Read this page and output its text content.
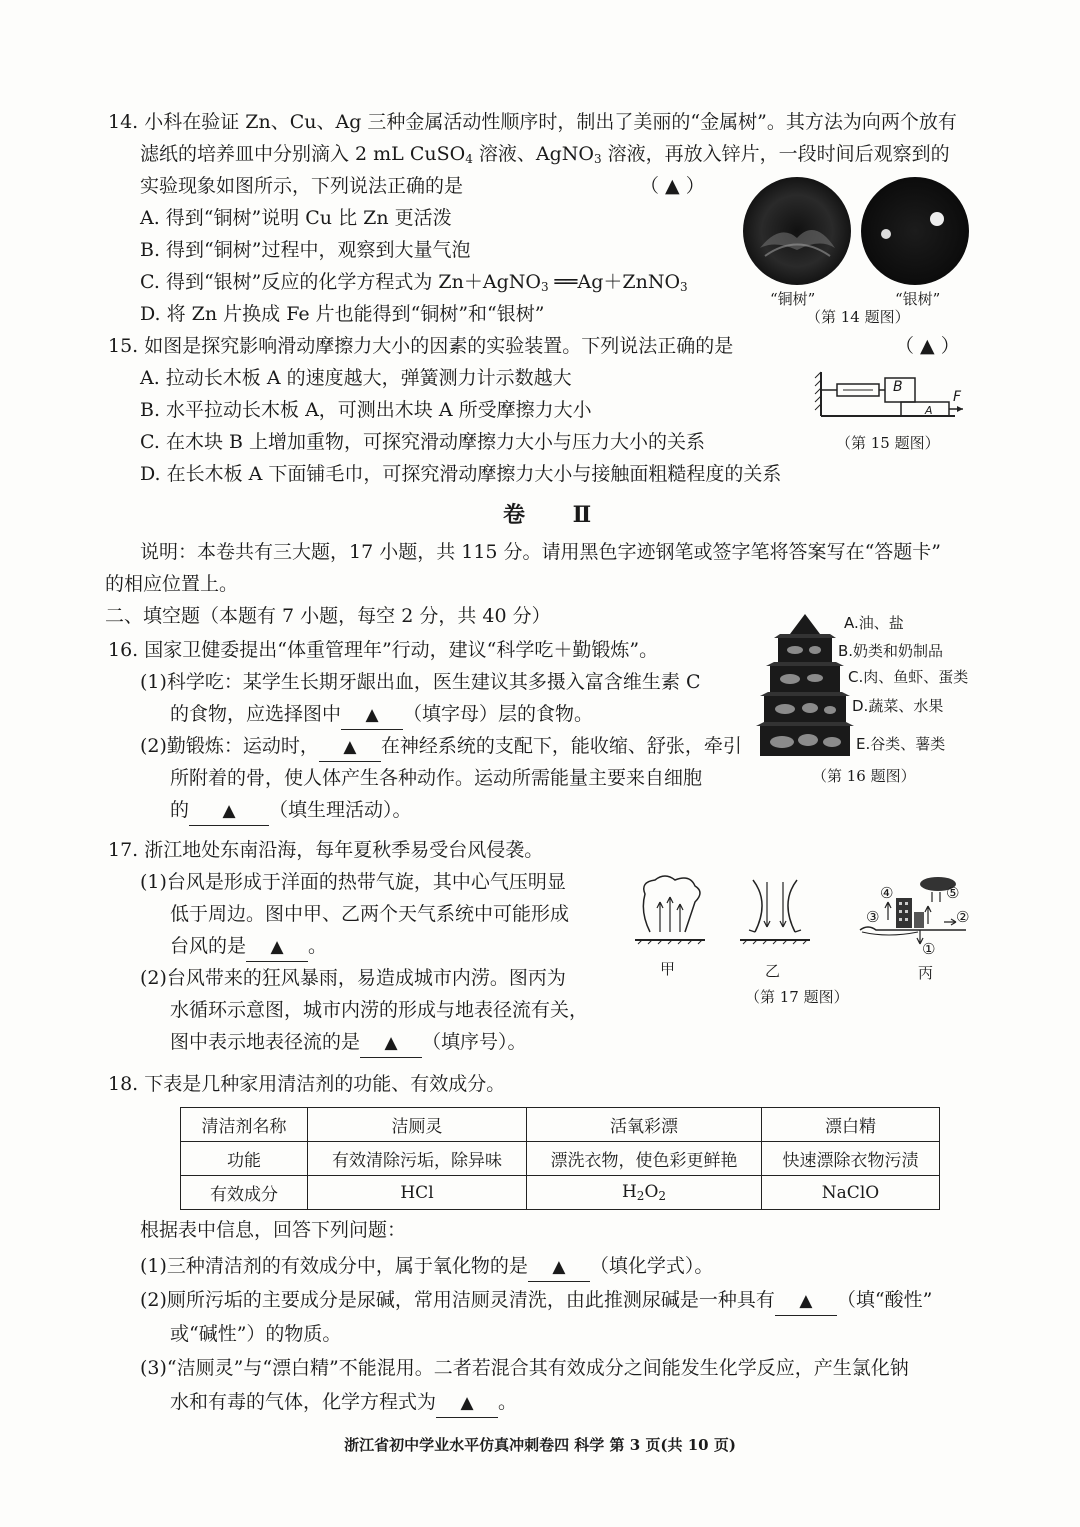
14. 小科在验证 Zn、Cu、Ag 三种金属活动性顺序时，制出了美丽的“金属树”。其方法为向两个放有
滤纸的培养皿中分别滴入 2 mL CuSO$_4$ 溶液、AgNO$_3$ 溶液，再放入锌片，一段时间后观察到的
实验现象如图所示，下列说法正确的是	（ ▲ ）
A. 得到“铜树”说明 Cu 比 Zn 更活泼
B. 得到“铜树”过程中，观察到大量气泡
C. 得到“银树”反应的化学方程式为 Zn＋AgNO$_3$ ══Ag＋ZnNO$_3$
D. 将 Zn 片换成 Fe 片也能得到“铜树”和“银树”
“铜树”	“银树”
（第 14 题图）
15. 如图是探究影响滑动摩擦力大小的因素的实验装置。下列说法正确的是	（ ▲ ）
A. 拉动长木板 A 的速度越大，弹簧测力计示数越大
B. 水平拉动长木板 A，可测出木块 A 所受摩擦力大小
C. 在木块 B 上增加重物，可探究滑动摩擦力大小与压力大小的关系
D. 在长木板 A 下面铺毛巾，可探究滑动摩擦力大小与接触面粗糙程度的关系
B
A
F
（第 15 题图）
卷 Ⅱ
说明：本卷共有三大题，17 小题，共 115 分。请用黑色字迹钢笔或签字笔将答案写在“答题卡”
的相应位置上。
二、填空题（本题有 7 小题，每空 2 分，共 40 分）
16. 国家卫健委提出“体重管理年”行动，建议“科学吃＋勤锻炼”。
(1)科学吃：某学生长期牙龈出血，医生建议其多摄入富含维生素 C
的食物，应选择图中 ▲ （填字母）层的食物。
(2)勤锻炼：运动时， ▲ 在神经系统的支配下，能收缩、舒张，牵引
所附着的骨，使人体产生各种动作。运动所需能量主要来自细胞
的 ▲ （填生理活动）。
A.油、盐
B.奶类和奶制品
C.肉、鱼虾、蛋类
D.蔬菜、水果
E.谷类、薯类
（第 16 题图）
17. 浙江地处东南沿海，每年夏秋季易受台风侵袭。
(1)台风是形成于洋面的热带气旋，其中心气压明显
低于周边。图中甲、乙两个天气系统中可能形成
台风的是 ▲ 。
(2)台风带来的狂风暴雨，易造成城市内涝。图丙为
水循环示意图，城市内涝的形成与地表径流有关，
图中表示地表径流的是 ▲ （填序号）。
④	⑤
③	②
①
甲	乙	丙
（第 17 题图）
18. 下表是几种家用清洁剂的功能、有效成分。
清洁剂名称	洁厕灵	活氧彩漂	漂白精
功能	有效清除污垢，除异味	漂洗衣物，使色彩更鲜艳	快速漂除衣物污渍
有效成分	HCl	$H_2O_2$	NaClO
根据表中信息，回答下列问题：
(1)三种清洁剂的有效成分中，属于氧化物的是 ▲ （填化学式）。
(2)厕所污垢的主要成分是尿碱，常用洁厕灵清洗，由此推测尿碱是一种具有 ▲ （填“酸性”
或“碱性”）的物质。
(3)“洁厕灵”与“漂白精”不能混用。二者若混合其有效成分之间能发生化学反应，产生氯化钠
水和有毒的气体，化学方程式为 ▲ 。
浙江省初中学业水平仿真冲刺卷四 科学 第 3 页(共 10 页)
